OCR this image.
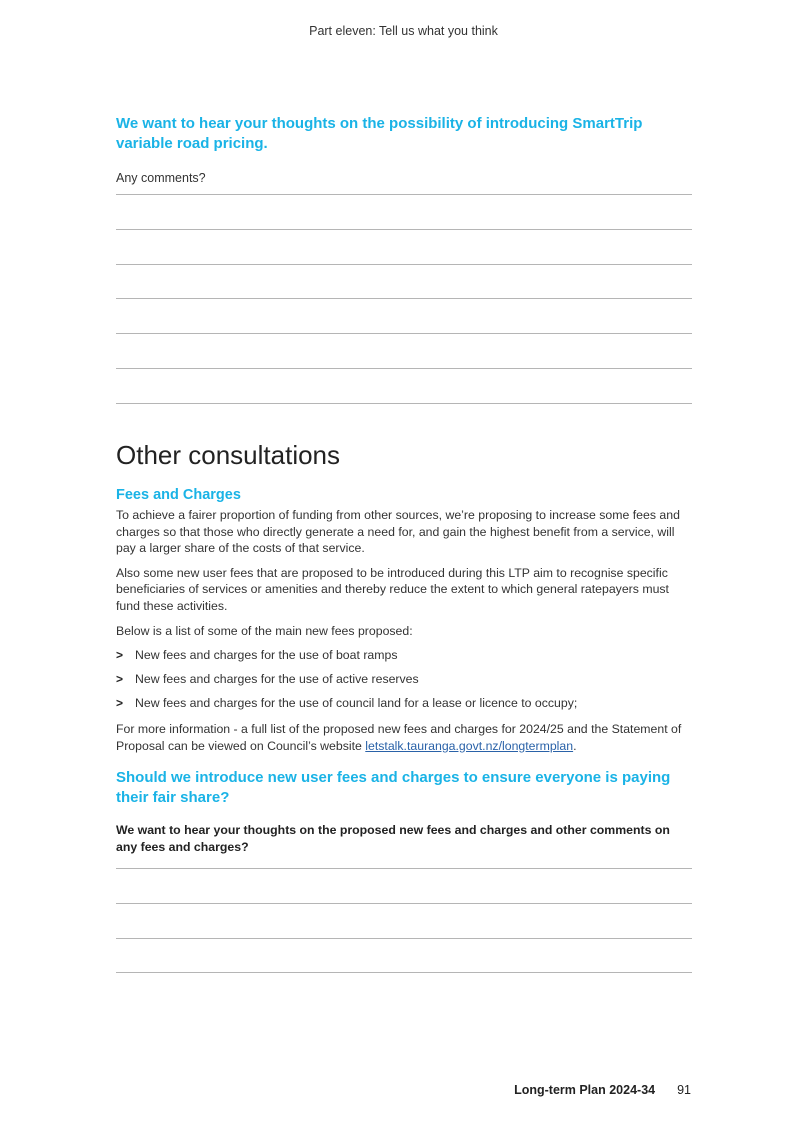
Part eleven: Tell us what you think

We want to hear your thoughts on the possibility of introducing SmartTrip variable road pricing.

Any comments?

Other consultations
Fees and Charges

To achieve a fairer proportion of funding from other sources, we’re proposing to increase some fees and charges so that those who directly generate a need for, and gain the highest benefit from a service, will pay a larger share of the costs of that service.

Also some new user fees that are proposed to be introduced during this LTP aim to recognise specific beneficiaries of services or amenities and thereby reduce the extent to which general ratepayers must fund these activities.

Below is a list of some of the main new fees proposed:

> New fees and charges for the use of boat ramps
> New fees and charges for the use of active reserves
> New fees and charges for the use of council land for a lease or licence to occupy;

For more information - a full list of the proposed new fees and charges for 2024/25 and the Statement of Proposal can be viewed on Council’s website letstalk.tauranga.govt.nz/longtermplan.

Should we introduce new user fees and charges to ensure everyone is paying their fair share?

We want to hear your thoughts on the proposed new fees and charges and other comments on any fees and charges?

Long-term Plan 2024-34 91
